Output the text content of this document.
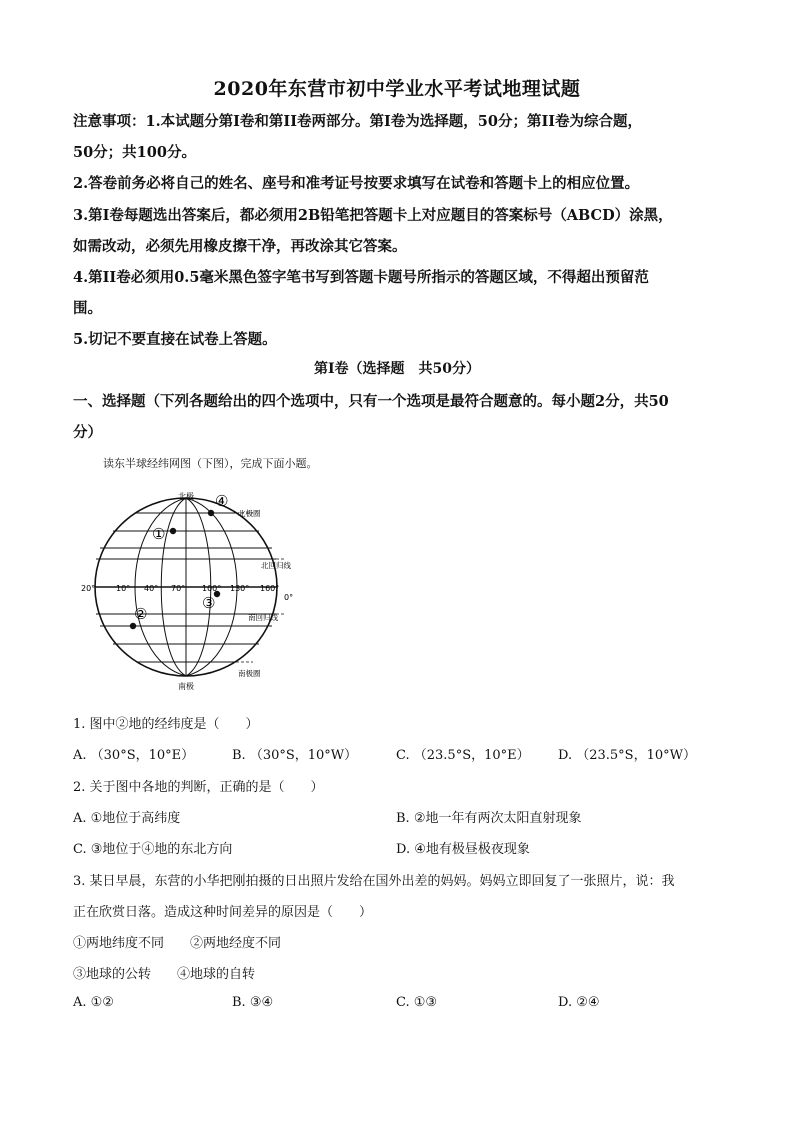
2020年东营市初中学业水平考试地理试题
注意事项：1.本试题分第Ⅰ卷和第II卷两部分。第Ⅰ卷为选择题，50分；第II卷为综合题，
50分；共100分。
2.答卷前务必将自己的姓名、座号和准考证号按要求填写在试卷和答题卡上的相应位置。
3.第Ⅰ卷每题选出答案后，都必须用2B铅笔把答题卡上对应题目的答案标号（ABCD）涂黑，
如需改动，必须先用橡皮擦干净，再改涂其它答案。
4.第II卷必须用0.5毫米黑色签字笔书写到答题卡题号所指示的答题区域，不得超出预留范
围。
5.切记不要直接在试卷上答题。
第Ⅰ卷（选择题　共50分）
一、选择题（下列各题给出的四个选项中，只有一个选项是最符合题意的。每小题2分，共50
分）
读东半球经纬网图（下图），完成下面小题。
北极
南极
北极圈
南极圈
北回归线
南回归线
0°
20°	10° 40° 70° 100° 130° 160°
①
②
③
④
1. 图中②地的经纬度是（　　）
A. （30°S，10°E）	B. （30°S，10°W）	C. （23.5°S，10°E） D. （23.5°S，10°W）
2. 关于图中各地的判断，正确的是（　　）
A. ①地位于高纬度	B. ②地一年有两次太阳直射现象
C. ③地位于④地的东北方向	D. ④地有极昼极夜现象
3. 某日早晨，东营的小华把刚拍摄的日出照片发给在国外出差的妈妈。妈妈立即回复了一张照片，说：我
正在欣赏日落。造成这种时间差异的原因是（　　）
①两地纬度不同　　②两地经度不同
③地球的公转　　④地球的自转
A. ①②	B. ③④	C. ①③	D. ②④
